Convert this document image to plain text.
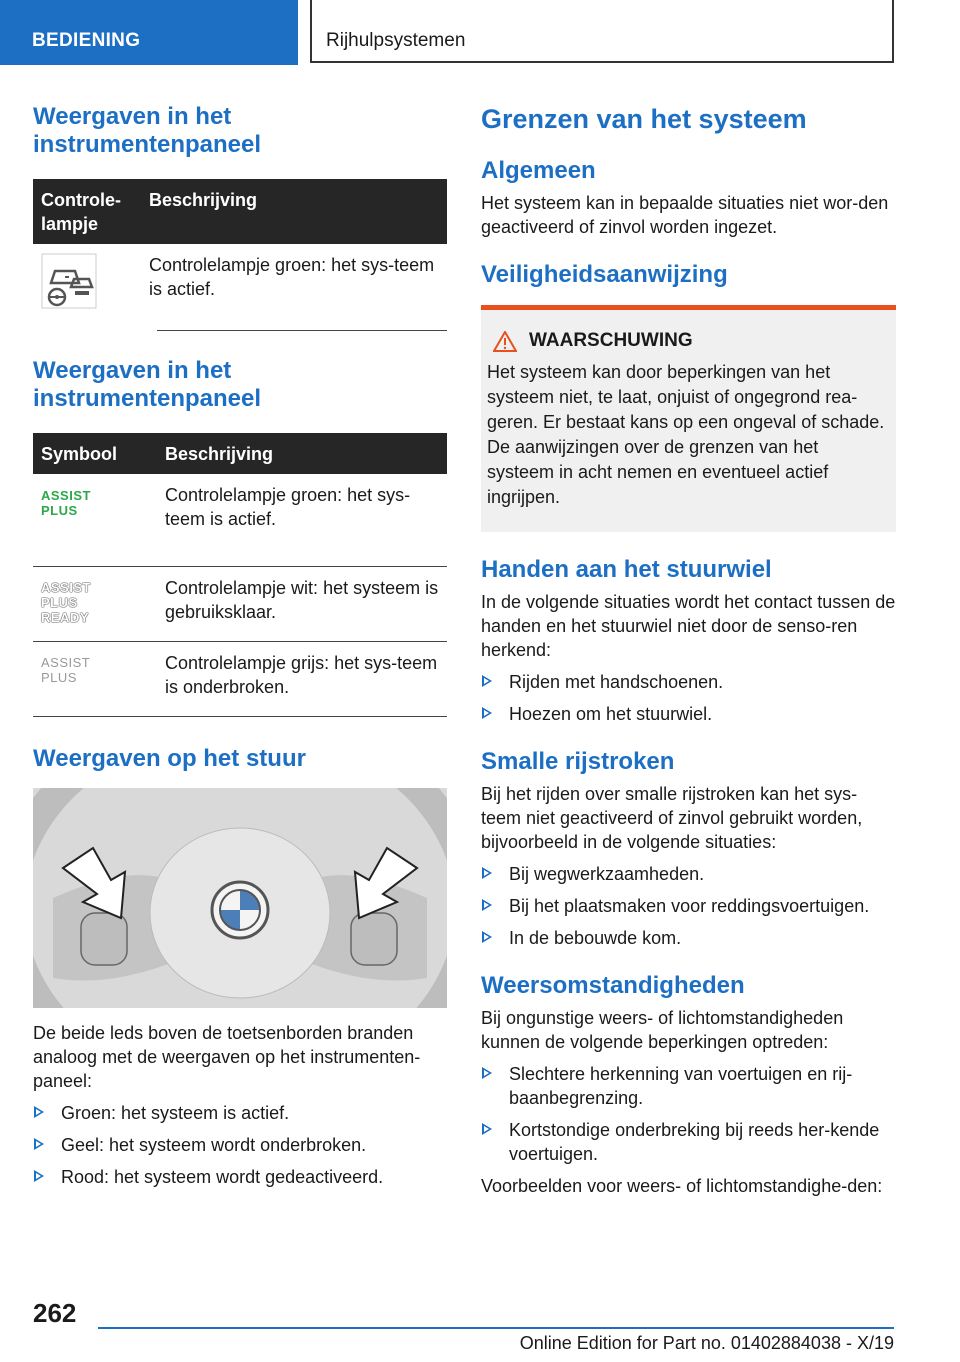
BEDIENING	Rijhulpsystemen
Weergaven in het instrumentenpaneel
Controle-lampje	Beschrijving
	Controlelampje groen: het sys-teem is actief.
Weergaven in het instrumentenpaneel
Symbool	Beschrijving

ASSIST
PLUS	Controlelampje groen: het sys-teem is actief.

ASSIST
PLUS
READY	Controlelampje wit: het systeem is gebruiksklaar.

ASSIST
PLUS	Controlelampje grijs: het sys-teem is onderbroken.
Weergaven op het stuur

De beide leds boven de toetsenborden branden analoog met de weergaven op het instrumenten-paneel:

Groen: het systeem is actief.
Geel: het systeem wordt onderbroken.
Rood: het systeem wordt gedeactiveerd.
Grenzen van het systeem
Algemeen

Het systeem kan in bepaalde situaties niet wor-den geactiveerd of zinvol worden ingezet.

Veiligheidsaanwijzing
WAARSCHUWING

Het systeem kan door beperkingen van het systeem niet, te laat, onjuist of ongegrond rea-geren. Er bestaat kans op een ongeval of schade. De aanwijzingen over de grenzen van het systeem in acht nemen en eventueel actief ingrijpen.

Handen aan het stuurwiel

In de volgende situaties wordt het contact tussen de handen en het stuurwiel niet door de senso-ren herkend:

Rijden met handschoenen.
Hoezen om het stuurwiel.
Smalle rijstroken

Bij het rijden over smalle rijstroken kan het sys-teem niet geactiveerd of zinvol gebruikt worden, bijvoorbeeld in de volgende situaties:

Bij wegwerkzaamheden.
Bij het plaatsmaken voor reddingsvoertuigen.
In de bebouwde kom.
Weersomstandigheden

Bij ongunstige weers- of lichtomstandigheden kunnen de volgende beperkingen optreden:

Slechtere herkenning van voertuigen en rij-baanbegrenzing.
Kortstondige onderbreking bij reeds her-kende voertuigen.

Voorbeelden voor weers- of lichtomstandighe-den:

262
Online Edition for Part no. 01402884038 - X/19
